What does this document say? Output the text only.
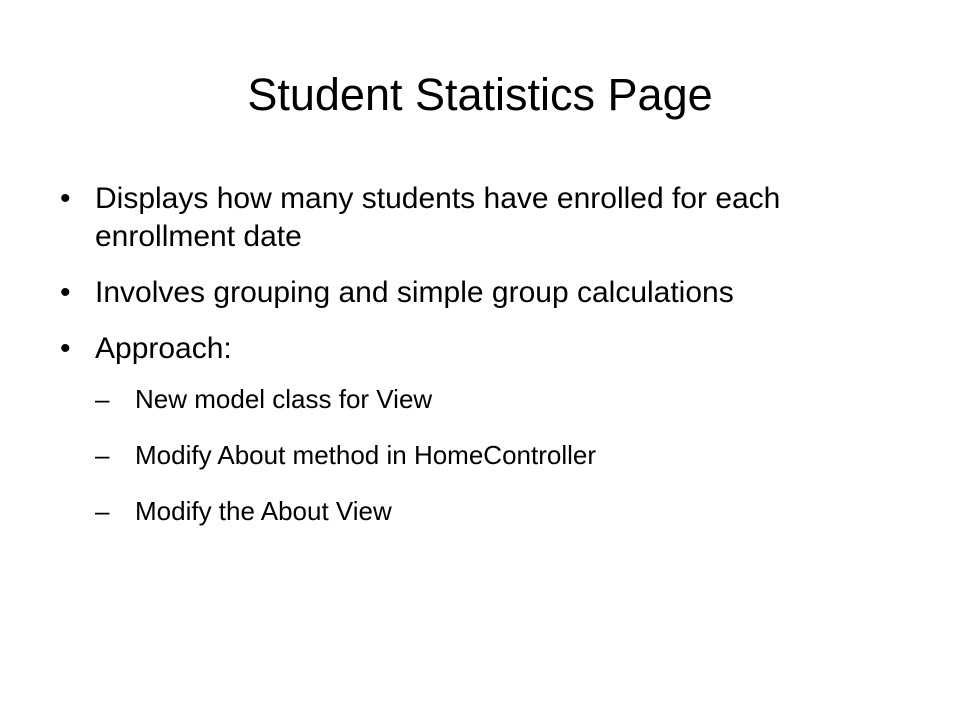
Student Statistics Page
• Displays how many students have enrolled for each enrollment date
• Involves grouping and simple group calculations
• Approach:
– New model class for View
– Modify About method in HomeController
– Modify the About View
